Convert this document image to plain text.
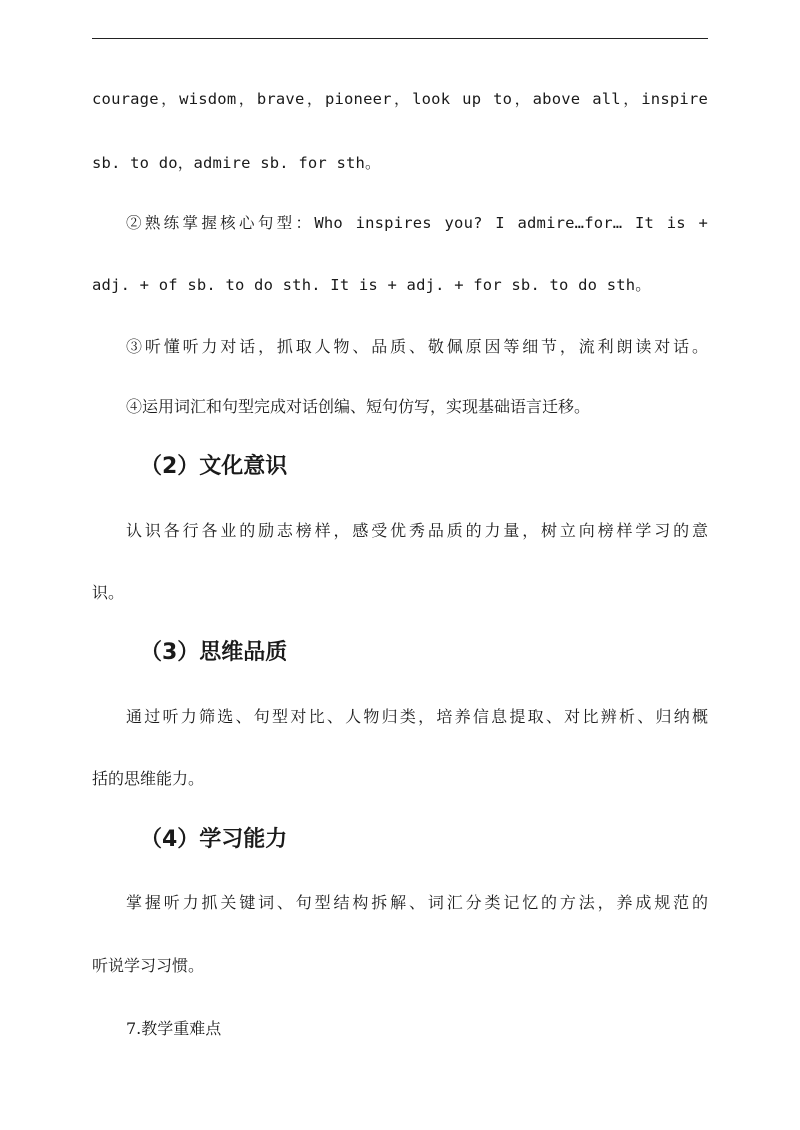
courage，wisdom，brave，pioneer，look up to，above all，inspire
sb. to do，admire sb. for sth。
②熟练掌握核心句型：Who inspires you? I admire…for… It is +
adj. + of sb. to do sth. It is + adj. + for sb. to do sth。
③听懂听力对话，抓取人物、品质、敬佩原因等细节，流利朗读对话。
④运用词汇和句型完成对话创编、短句仿写，实现基础语言迁移。
（2）文化意识
认识各行各业的励志榜样，感受优秀品质的力量，树立向榜样学习的意
识。
（3）思维品质
通过听力筛选、句型对比、人物归类，培养信息提取、对比辨析、归纳概
括的思维能力。
（4）学习能力
掌握听力抓关键词、句型结构拆解、词汇分类记忆的方法，养成规范的
听说学习习惯。
7.教学重难点
